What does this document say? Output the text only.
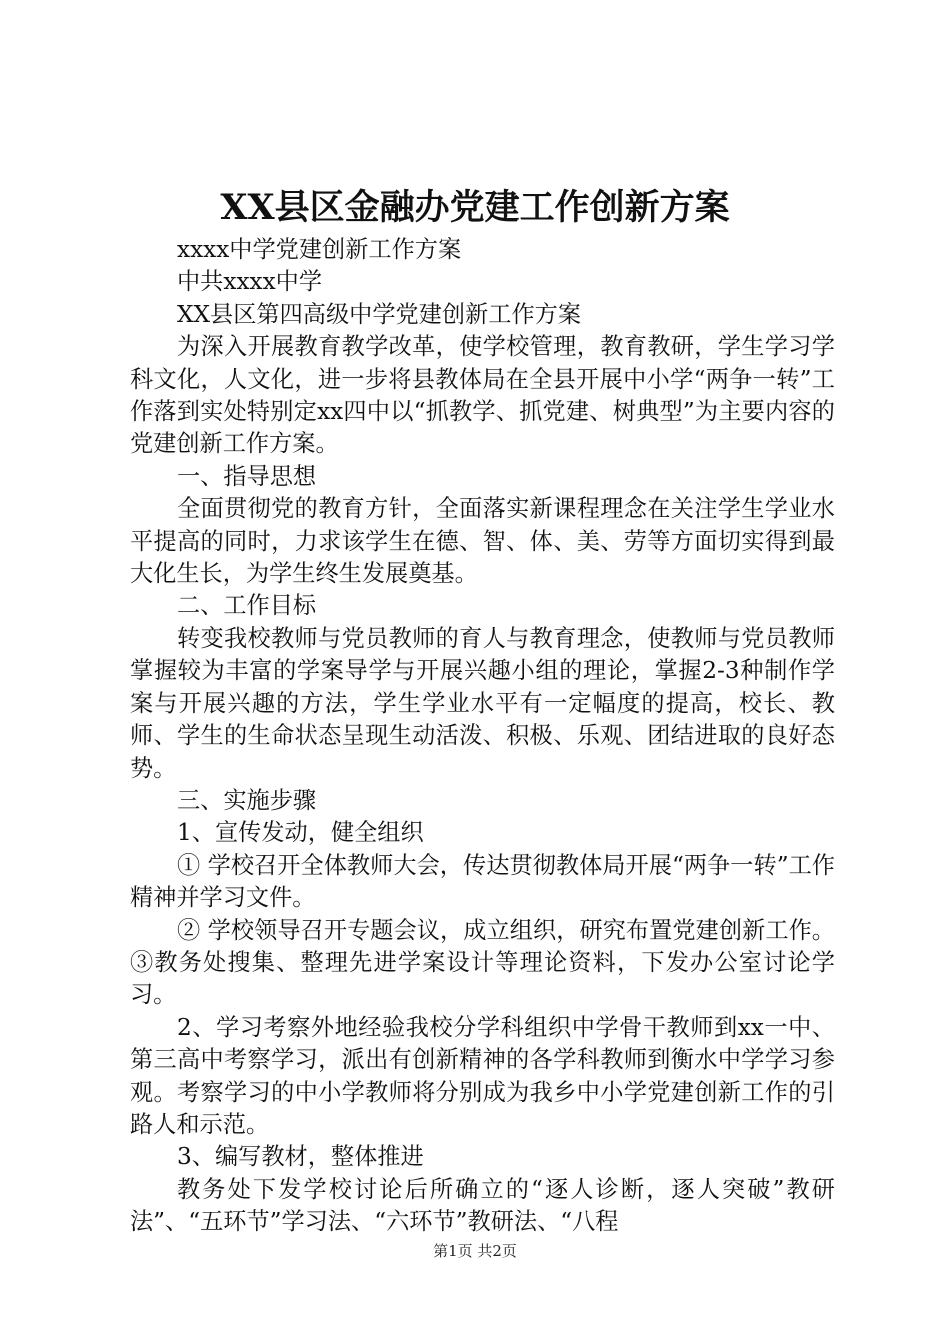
XX县区金融办党建工作创新方案

xxxx中学党建创新工作方案

中共xxxx中学

XX县区第四高级中学党建创新工作方案

为深入开展教育教学改革，使学校管理，教育教研，学生学习学科文化，人文化，进一步将县教体局在全县开展中小学“两争一转”工作落到实处特别定xx四中以“抓教学、抓党建、树典型”为主要内容的党建创新工作方案。

一、指导思想

全面贯彻党的教育方针，全面落实新课程理念在关注学生学业水平提高的同时，力求该学生在德、智、体、美、劳等方面切实得到最大化生长，为学生终生发展奠基。

二、工作目标

转变我校教师与党员教师的育人与教育理念，使教师与党员教师掌握较为丰富的学案导学与开展兴趣小组的理论，掌握2-3种制作学案与开展兴趣的方法，学生学业水平有一定幅度的提高，校长、教师、学生的生命状态呈现生动活泼、积极、乐观、团结进取的良好态势。

三、实施步骤

1、宣传发动，健全组织

① 学校召开全体教师大会，传达贯彻教体局开展“两争一转”工作精神并学习文件。

② 学校领导召开专题会议，成立组织，研究布置党建创新工作。③教务处搜集、整理先进学案设计等理论资料，下发办公室讨论学习。

2、学习考察外地经验我校分学科组织中学骨干教师到xx一中、第三高中考察学习，派出有创新精神的各学科教师到衡水中学学习参观。考察学习的中小学教师将分别成为我乡中小学党建创新工作的引路人和示范。

3、编写教材，整体推进

教务处下发学校讨论后所确立的“逐人诊断，逐人突破”教研法”、“五环节”学习法、“六环节”教研法、“八程

第1页 共2页
